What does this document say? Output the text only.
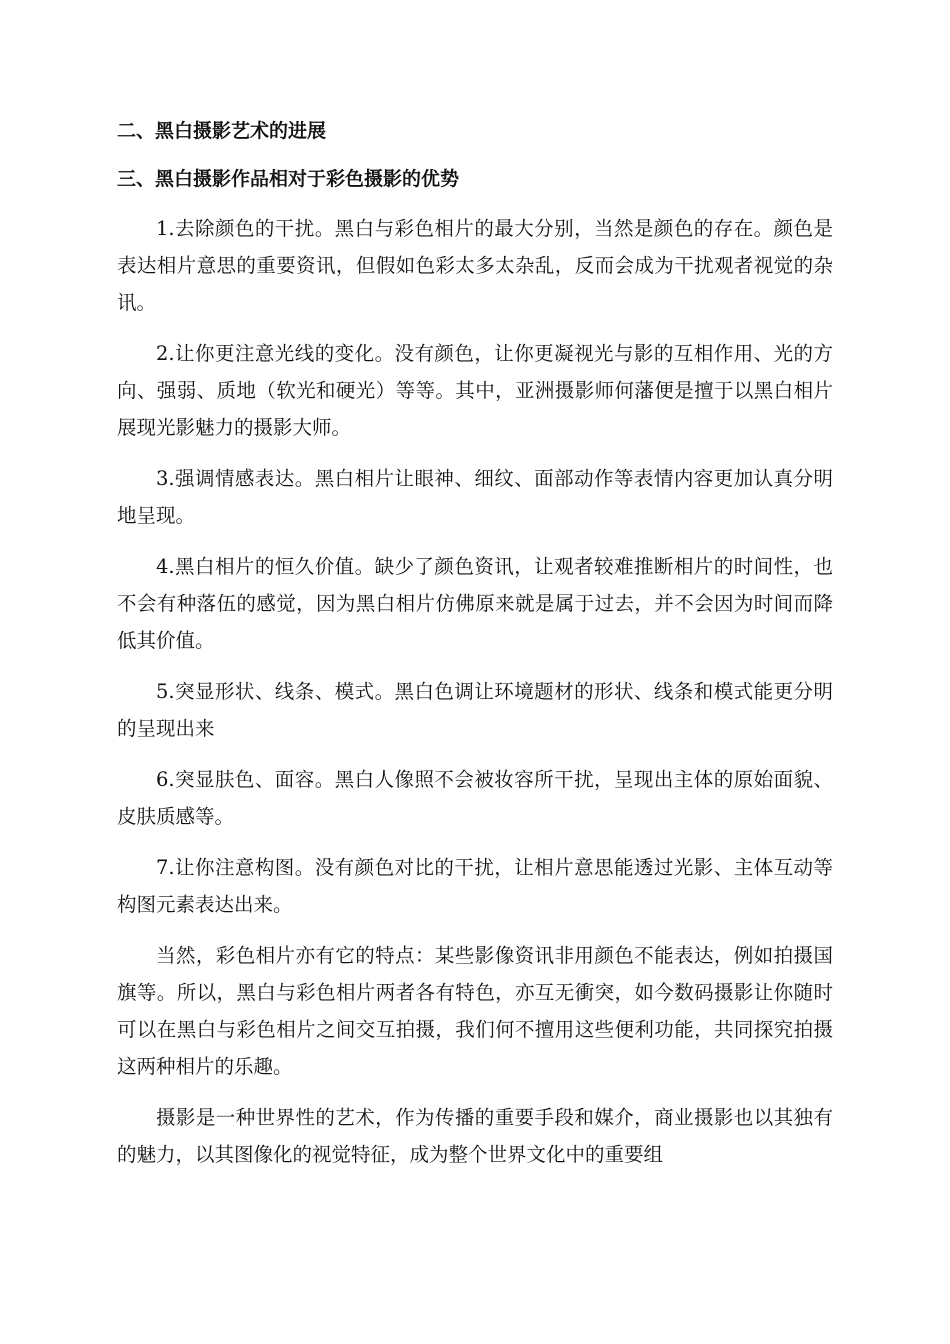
二、黑白摄影艺术的进展
三、黑白摄影作品相对于彩色摄影的优势

1.去除颜色的干扰。黑白与彩色相片的最大分别，当然是颜色的存在。颜色是表达相片意思的重要资讯，但假如色彩太多太杂乱，反而会成为干扰观者视觉的杂讯。

2.让你更注意光线的变化。没有颜色，让你更凝视光与影的互相作用、光的方向、强弱、质地（软光和硬光）等等。其中，亚洲摄影师何藩便是擅于以黑白相片展现光影魅力的摄影大师。

3.强调情感表达。黑白相片让眼神、细纹、面部动作等表情内容更加认真分明地呈现。

4.黑白相片的恒久价值。缺少了颜色资讯，让观者较难推断相片的时间性，也不会有种落伍的感觉，因为黑白相片仿佛原来就是属于过去，并不会因为时间而降低其价值。

5.突显形状、线条、模式。黑白色调让环境题材的形状、线条和模式能更分明的呈现出来

6.突显肤色、面容。黑白人像照不会被妆容所干扰，呈现出主体的原始面貌、皮肤质感等。

7.让你注意构图。没有颜色对比的干扰，让相片意思能透过光影、主体互动等构图元素表达出来。

当然，彩色相片亦有它的特点：某些影像资讯非用颜色不能表达，例如拍摄国旗等。所以，黑白与彩色相片两者各有特色，亦互无衝突，如今数码摄影让你随时可以在黑白与彩色相片之间交互拍摄，我们何不擅用这些便利功能，共同探究拍摄这两种相片的乐趣。

摄影是一种世界性的艺术，作为传播的重要手段和媒介，商业摄影也以其独有的魅力，以其图像化的视觉特征，成为整个世界文化中的重要组
